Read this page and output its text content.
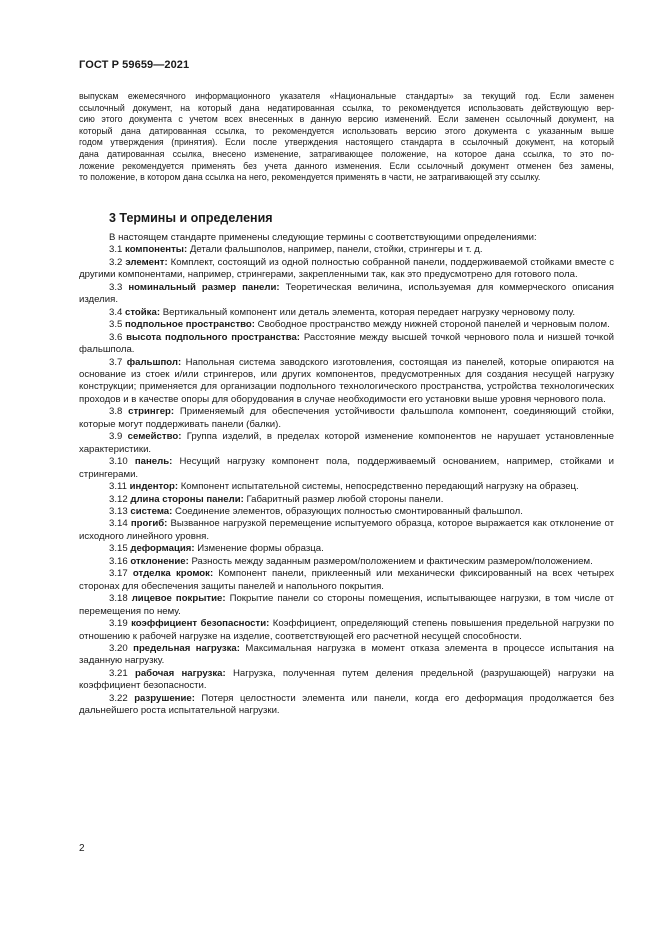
ГОСТ Р 59659—2021
выпускам ежемесячного информационного указателя «Национальные стандарты» за текущий год. Если заменен
ссылочный документ, на который дана недатированная ссылка, то рекомендуется использовать действующую вер-
сию этого документа с учетом всех внесенных в данную версию изменений. Если заменен ссылочный документ, на
который дана датированная ссылка, то рекомендуется использовать версию этого документа с указанным выше
годом утверждения (принятия). Если после утверждения настоящего стандарта в ссылочный документ, на который
дана датированная ссылка, внесено изменение, затрагивающее положение, на которое дана ссылка, то это по-
ложение рекомендуется применять без учета данного изменения. Если ссылочный документ отменен без замены,
то положение, в котором дана ссылка на него, рекомендуется применять в части, не затрагивающей эту ссылку.
3 Термины и определения

В настоящем стандарте применены следующие термины с соответствующими определениями:

3.1 компоненты: Детали фальшполов, например, панели, стойки, стрингеры и т. д.

3.2 элемент: Комплект, состоящий из одной полностью собранной панели, поддерживаемой стойками вместе с другими компонентами, например, стрингерами, закрепленными так, как это предусмотрено для готового пола.

3.3 номинальный размер панели: Теоретическая величина, используемая для коммерческого описания изделия.

3.4 стойка: Вертикальный компонент или деталь элемента, которая передает нагрузку черновому полу.

3.5 подпольное пространство: Свободное пространство между нижней стороной панелей и черновым полом.

3.6 высота подпольного пространства: Расстояние между высшей точкой чернового пола и низшей точкой фальшпола.

3.7 фальшпол: Напольная система заводского изготовления, состоящая из панелей, которые опираются на основание из стоек и/или стрингеров, или других компонентов, предусмотренных для создания несущей нагрузку конструкции; применяется для организации подпольного технологического пространства, устройства технологических проходов и в качестве опоры для оборудования в случае необходимости его установки выше уровня чернового пола.

3.8 стрингер: Применяемый для обеспечения устойчивости фальшпола компонент, соединяющий стойки, которые могут поддерживать панели (балки).

3.9 семейство: Группа изделий, в пределах которой изменение компонентов не нарушает установленные характеристики.

3.10 панель: Несущий нагрузку компонент пола, поддерживаемый основанием, например, стойками и стрингерами.

3.11 индентор: Компонент испытательной системы, непосредственно передающий нагрузку на образец.

3.12 длина стороны панели: Габаритный размер любой стороны панели.

3.13 система: Соединение элементов, образующих полностью смонтированный фальшпол.

3.14 прогиб: Вызванное нагрузкой перемещение испытуемого образца, которое выражается как отклонение от исходного линейного уровня.

3.15 деформация: Изменение формы образца.

3.16 отклонение: Разность между заданным размером/положением и фактическим размером/положением.

3.17 отделка кромок: Компонент панели, приклеенный или механически фиксированный на всех четырех сторонах для обеспечения защиты панелей и напольного покрытия.

3.18 лицевое покрытие: Покрытие панели со стороны помещения, испытывающее нагрузки, в том числе от перемещения по нему.

3.19 коэффициент безопасности: Коэффициент, определяющий степень повышения предельной нагрузки по отношению к рабочей нагрузке на изделие, соответствующей его расчетной несущей способности.

3.20 предельная нагрузка: Максимальная нагрузка в момент отказа элемента в процессе испытания на заданную нагрузку.

3.21 рабочая нагрузка: Нагрузка, полученная путем деления предельной (разрушающей) нагрузки на коэффициент безопасности.

3.22 разрушение: Потеря целостности элемента или панели, когда его деформация продолжается без дальнейшего роста испытательной нагрузки.

2
